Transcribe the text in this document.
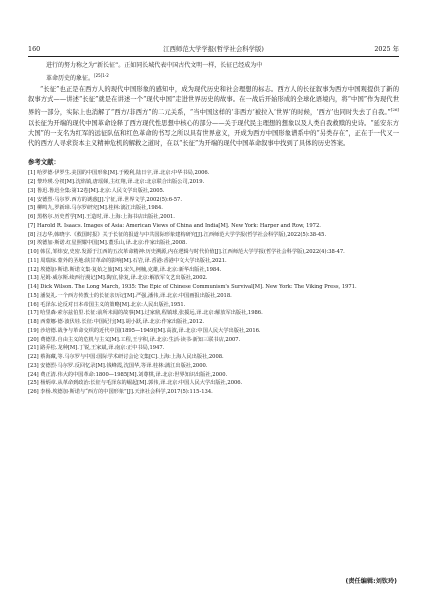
160	江西师范大学学报(哲学社会科学版)	2025 年

进行的努力称之为“新长征”。正如同长城代表中国古代文明一样，长征已经成为中
革命历史的象征。$^{[25]1-2}$

“长征”也正是在西方人的现代中国形象的感知中，成为现代历史和社会理想的标志。西方人的长征叙事为西方中国观提供了新的叙事方式——讲述“长征”就是在讲述一个“现代中国”走进世界历史的故事。在一战后开始形成的全球化语境内，将“中国”作为现代世界的一部分，实际上也消解了“西方/非西方”的二元关系，“当中国这样的‘非西方’被拉入‘世界’的时候，‘西方’也同时失去了自我。”[26]以长征为开端的现代中国革命诠释了西方现代性思想中核心的部分——关于现代民主理想的想象以及人类自我救赎的史诗。“延安东方大国”的一支名为红军的远征队伍和红色革命的书写之所以具有世界意义，开成为西方中国形象谱系中的“另类存在”，正在于一代又一代的西方人寻求资本主义精神危机的解救之道时，在以“长征”为开端的现代中国革命叙事中找到了具体的历史答案。

参考文献：
[1] 哈罗德·伊罗生.美国的中国形象[M].于殿利,陆日宇,译.北京:中华书局,2006.
[2] 黎玲瑛.分衩[M].沈焰镇,唐瑶娣,主红翔,译.北京:北京联合出版公司,2019.
[3] 鲁迅.鲁迅全集:第12卷[M].北京:人民文学出版社,2005.
[4] 安德烈·马尔罗.西方的诱惑[J].宁征,译.世界文学,2002(5):6-57.
[5] 柳鸣九,罗新璋.马尔罗研究[M].桂林:漓江出版社,1984.
[6] 黑格尔.历史哲学[M].王造时,译.上海:上海书店出版社,2001.
[7] Harold R. Isaacs. Images of Asia: American Views of China and India[M]. New York: Harper and Row, 1972.
[8] 汪志华,韩晓宇.《救国时报》关于长征的报道与中共国际形象建构研究[J].江西师范大学学报(哲学社会科学版),2022(5):38-45.
[9] 埃德加·斯诺.红星照耀中国[M].董乐山,译.北京:作家出版社,2008.
[10] 韩匡,邹炜安,史密.发源于江西的五次革命精神:历史溯源,内在逻辑与时代价值[J].江西师范大学学报(哲学社会科学版),2022(4):38-47.
[11] 周瑞琼.蒙外的圣地:陕甘革命的影响[M].石岩,译.香港:香港中文大学出版社,2021.
[12] 埃德加·斯诺.斯诺文集·复始之旅[M].宋久,柯楠,克雄,译.北京:新华出版社,1984.
[13] 尼姆·威尔斯.续西行漫记[M].陶宜,徐复,译.北京:解放军文艺出版社,2002.
[14] Dick Wilson. The Long March, 1935: The Epic of Chinese Communism's Survival[M]. New York: The Viking Press, 1971.
[15] 潘复礼.一个西方传教士的长征亲历记[M].严强,潘伟,译.北京:中国画报出版社,2018.
[16] 毛泽东.论反对日本帝国主义的策略[M].北京:人民出版社,1951.
[17] 哈里森·索尔兹伯里.长征:前所未闻的故事[M].过家鼎,程镇球,张援远,译.北京:解放军出版社,1986.
[18] 西蒙娜·德·波伏娃.长征:中国纪行[M].胡小跃,译.北京:作家出版社,2012.
[19] 沙培德.战争与革命交织的近代中国(1895—1949)[M].高波,译.北京:中国人民大学出版社,2016.
[20] 费德里.自由主义的危机与主义[M].工程,王宇积,译.北京:生活·读书·新知三联书店,2007.
[21] 路乔松.龙种[M].丁锐,王家斌,译.南京:正中书局,1947.
[22] 蔡海藏,等.马尔罗与中国:国际学术研讨会论文集[C].上海:上海人民出版社,2008.
[23] 安德烈·马尔罗.反回忆录[M].钱峰霞,沈国华,等译.桂林:漓江出版社,2000.
[24] 费正清.伟大的中国革命:1800—1985[M].刘尊棋,译.北京:世界知识出版社,2000.
[25] 杨炳章.从革命到政治:长征与毛泽东的崛起[M].郭伟,译.北京:中国人民大学出版社,2006.
[26] 李杨.埃德加·斯诺与“西方的中国形象”[J].天津社会科学,2017(5):115-134.
(责任编辑:刘钦玲)
